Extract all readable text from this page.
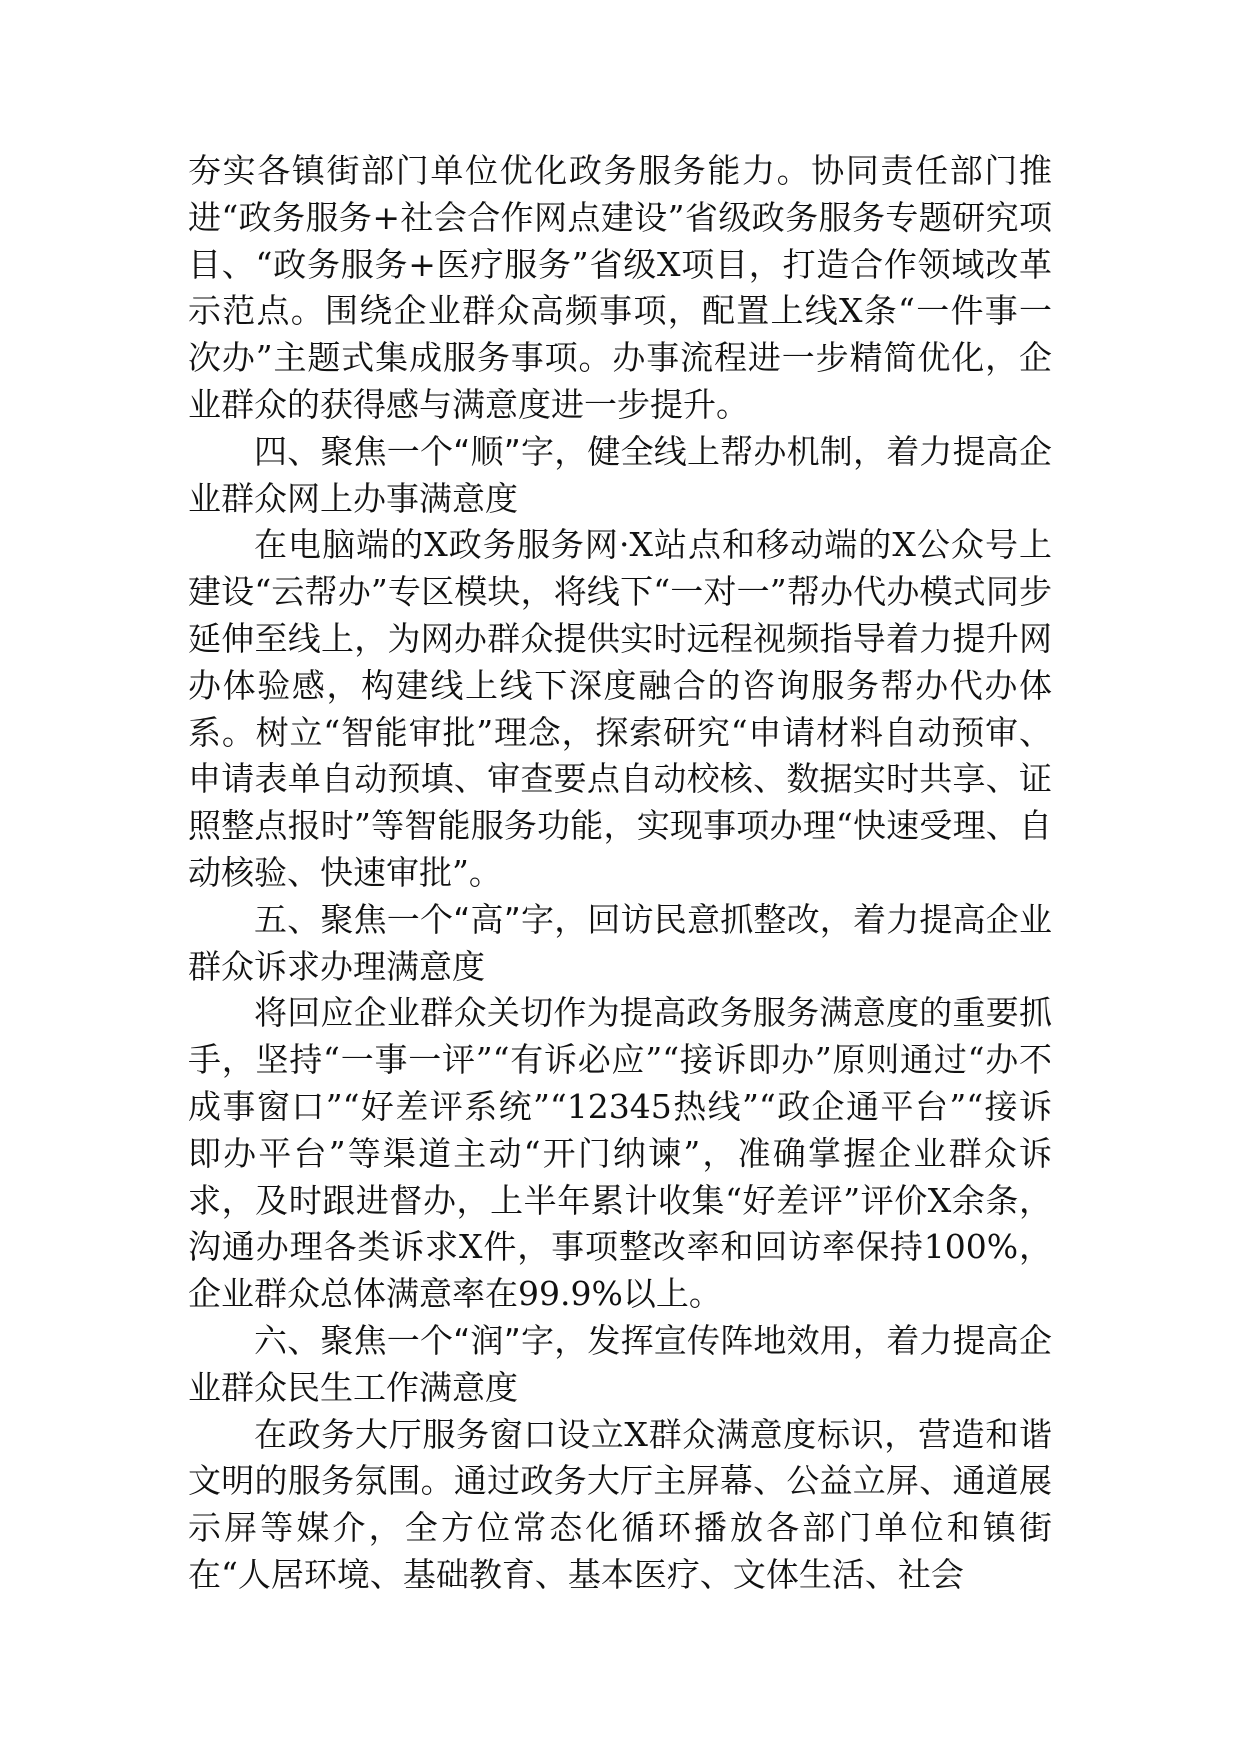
夯实各镇街部门单位优化政务服务能力。协同责任部门推进“政务服务+社会合作网点建设”省级政务服务专题研究项目、“政务服务+医疗服务”省级X项目，打造合作领域改革示范点。围绕企业群众高频事项，配置上线X条“一件事一次办”主题式集成服务事项。办事流程进一步精简优化，企业群众的获得感与满意度进一步提升。

四、聚焦一个“顺”字，健全线上帮办机制，着力提高企业群众网上办事满意度

在电脑端的X政务服务网·X站点和移动端的X公众号上建设“云帮办”专区模块，将线下“一对一”帮办代办模式同步延伸至线上，为网办群众提供实时远程视频指导着力提升网办体验感，构建线上线下深度融合的咨询服务帮办代办体系。树立“智能审批”理念，探索研究“申请材料自动预审、申请表单自动预填、审查要点自动校核、数据实时共享、证照整点报时”等智能服务功能，实现事项办理“快速受理、自动核验、快速审批”。

五、聚焦一个“高”字，回访民意抓整改，着力提高企业群众诉求办理满意度

将回应企业群众关切作为提高政务服务满意度的重要抓手，坚持“一事一评”“有诉必应”“接诉即办”原则通过“办不成事窗口”“好差评系统”“12345热线”“政企通平台”“接诉即办平台”等渠道主动“开门纳谏”，准确掌握企业群众诉求，及时跟进督办，上半年累计收集“好差评”评价X余条，沟通办理各类诉求X件，事项整改率和回访率保持100%，企业群众总体满意率在99.9%以上。

六、聚焦一个“润”字，发挥宣传阵地效用，着力提高企业群众民生工作满意度

在政务大厅服务窗口设立X群众满意度标识，营造和谐文明的服务氛围。通过政务大厅主屏幕、公益立屏、通道展示屏等媒介，全方位常态化循环播放各部门单位和镇街在“人居环境、基础教育、基本医疗、文体生活、社会
